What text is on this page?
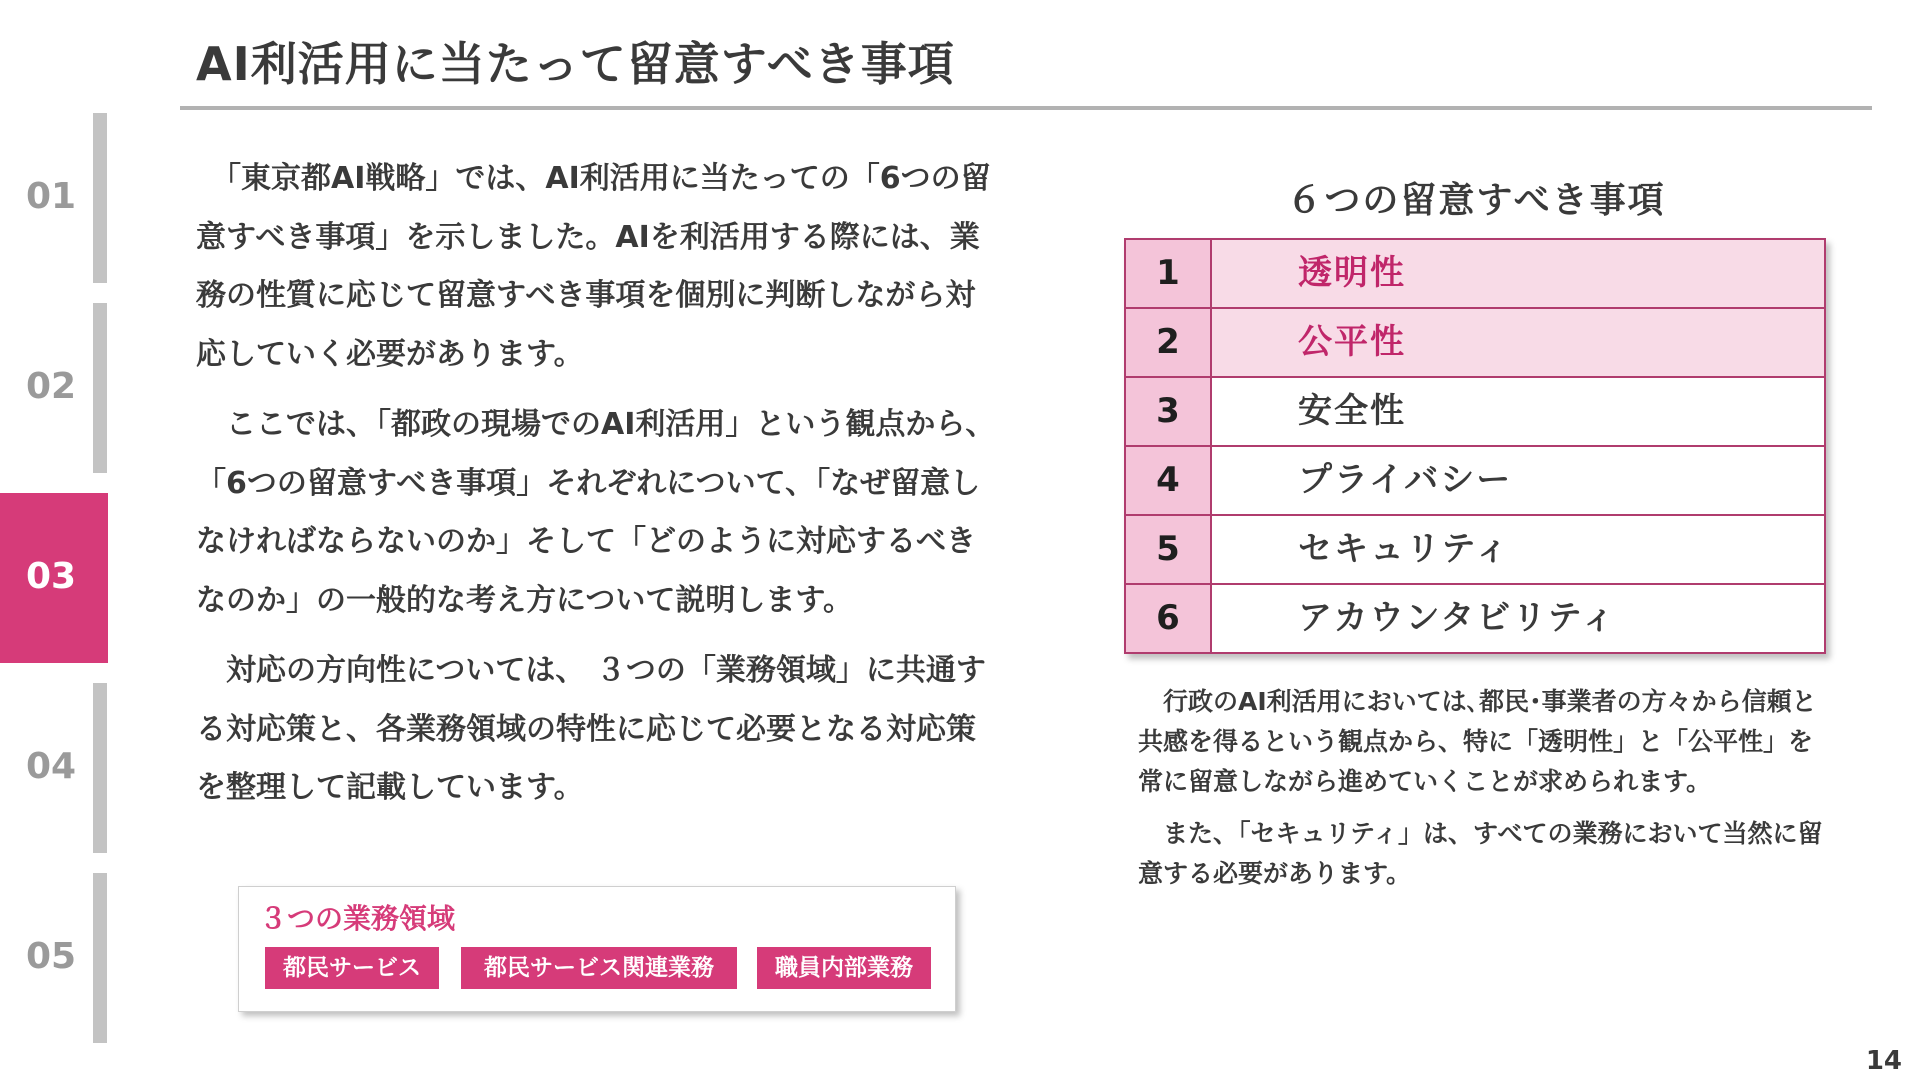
AI利活用に当たって留意すべき事項
01
02
03
04
05

　「東京都AI戦略」では、AI利活用に当たっての「6つの留意すべき事項」を示しました。AIを利活用する際には、業務の性質に応じて留意すべき事項を個別に判断しながら対応していく必要があります。

　ここでは、「都政の現場でのAI利活用」という観点から、「6つの留意すべき事項」それぞれについて、「なぜ留意しなければならないのか」そして「どのように対応するべきなのか」の一般的な考え方について説明します。

　対応の方向性については、 ３つの「業務領域」に共通する対応策と、各業務領域の特性に応じて必要となる対応策を整理して記載しています。

３つの業務領域
都民サービス	都民サービス関連業務	職員内部業務
６つの留意すべき事項
1	透明性
2	公平性
3	安全性
4	プライバシー
5	セキュリティ
6	アカウンタビリティ

　行政のAI利活用においては､都民･事業者の方々から信頼と共感を得るという観点から、特に「透明性」と「公平性」を常に留意しながら進めていくことが求められます。

　また、「セキュリティ」は、すべての業務において当然に留意する必要があります。

14
